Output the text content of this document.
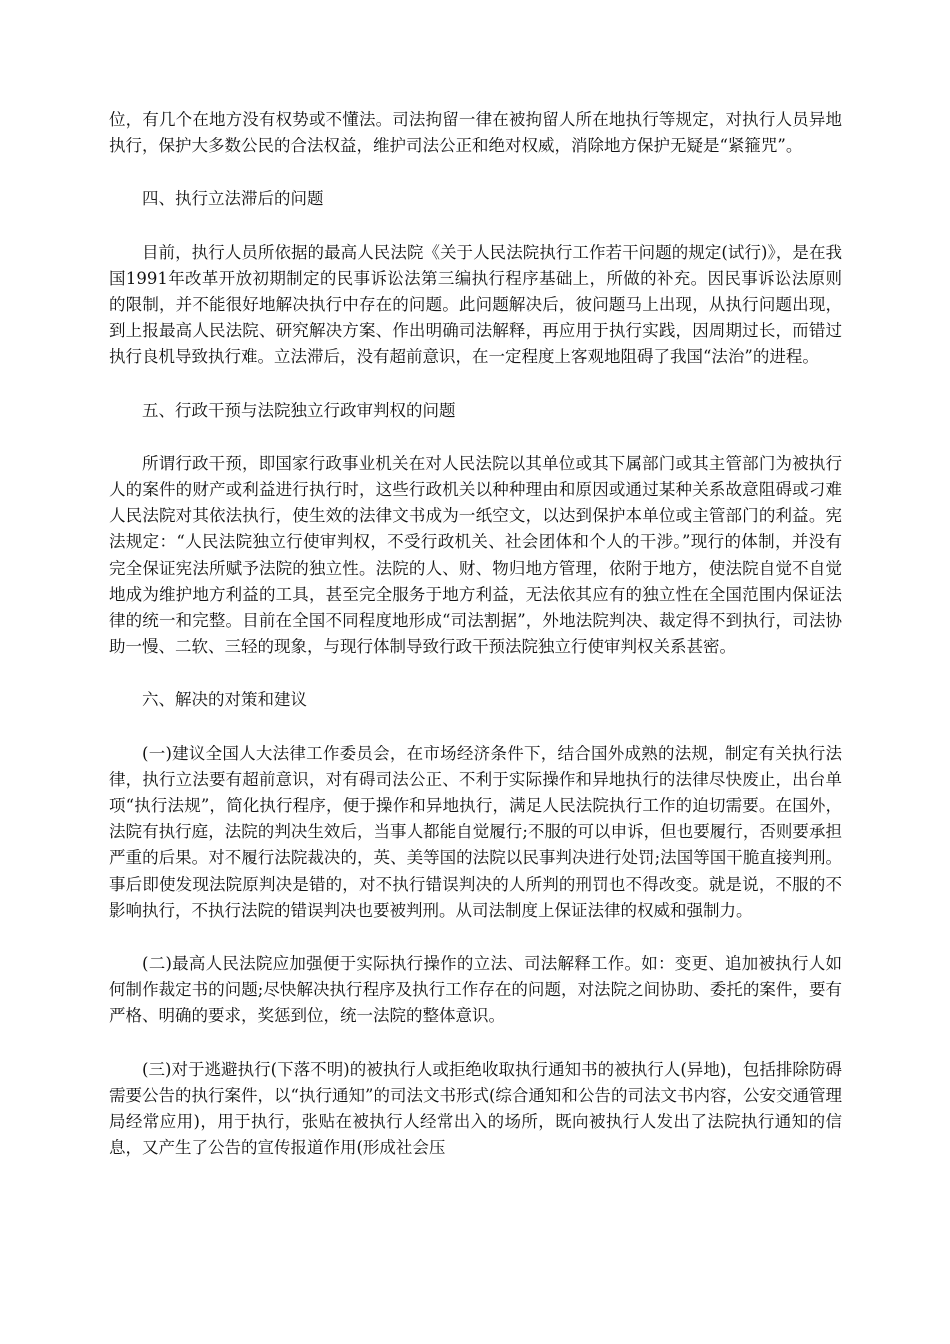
位，有几个在地方没有权势或不懂法。司法拘留一律在被拘留人所在地执行等规定，对执行人员异地执行，保护大多数公民的合法权益，维护司法公正和绝对权威，消除地方保护无疑是“紧箍咒”。

四、执行立法滞后的问题

目前，执行人员所依据的最高人民法院《关于人民法院执行工作若干问题的规定(试行)》，是在我国1991年改革开放初期制定的民事诉讼法第三编执行程序基础上，所做的补充。因民事诉讼法原则的限制，并不能很好地解决执行中存在的问题。此问题解决后，彼问题马上出现，从执行问题出现，到上报最高人民法院、研究解决方案、作出明确司法解释，再应用于执行实践，因周期过长，而错过执行良机导致执行难。立法滞后，没有超前意识，在一定程度上客观地阻碍了我国“法治”的进程。

五、行政干预与法院独立行政审判权的问题

所谓行政干预，即国家行政事业机关在对人民法院以其单位或其下属部门或其主管部门为被执行人的案件的财产或利益进行执行时，这些行政机关以种种理由和原因或通过某种关系故意阻碍或刁难人民法院对其依法执行，使生效的法律文书成为一纸空文，以达到保护本单位或主管部门的利益。宪法规定：“人民法院独立行使审判权，不受行政机关、社会团体和个人的干涉。”现行的体制，并没有完全保证宪法所赋予法院的独立性。法院的人、财、物归地方管理，依附于地方，使法院自觉不自觉地成为维护地方利益的工具，甚至完全服务于地方利益，无法依其应有的独立性在全国范围内保证法律的统一和完整。目前在全国不同程度地形成“司法割据”，外地法院判决、裁定得不到执行，司法协助一慢、二软、三轻的现象，与现行体制导致行政干预法院独立行使审判权关系甚密。

六、解决的对策和建议

(一)建议全国人大法律工作委员会，在市场经济条件下，结合国外成熟的法规，制定有关执行法律，执行立法要有超前意识，对有碍司法公正、不利于实际操作和异地执行的法律尽快废止，出台单项“执行法规”，简化执行程序，便于操作和异地执行，满足人民法院执行工作的迫切需要。在国外，法院有执行庭，法院的判决生效后，当事人都能自觉履行;不服的可以申诉，但也要履行，否则要承担严重的后果。对不履行法院裁决的，英、美等国的法院以民事判决进行处罚;法国等国干脆直接判刑。事后即使发现法院原判决是错的，对不执行错误判决的人所判的刑罚也不得改变。就是说，不服的不影响执行，不执行法院的错误判决也要被判刑。从司法制度上保证法律的权威和强制力。

(二)最高人民法院应加强便于实际执行操作的立法、司法解释工作。如：变更、追加被执行人如何制作裁定书的问题;尽快解决执行程序及执行工作存在的问题，对法院之间协助、委托的案件，要有严格、明确的要求，奖惩到位，统一法院的整体意识。

(三)对于逃避执行(下落不明)的被执行人或拒绝收取执行通知书的被执行人(异地)，包括排除防碍需要公告的执行案件，以“执行通知”的司法文书形式(综合通知和公告的司法文书内容，公安交通管理局经常应用)，用于执行，张贴在被执行人经常出入的场所，既向被执行人发出了法院执行通知的信息，又产生了公告的宣传报道作用(形成社会压
